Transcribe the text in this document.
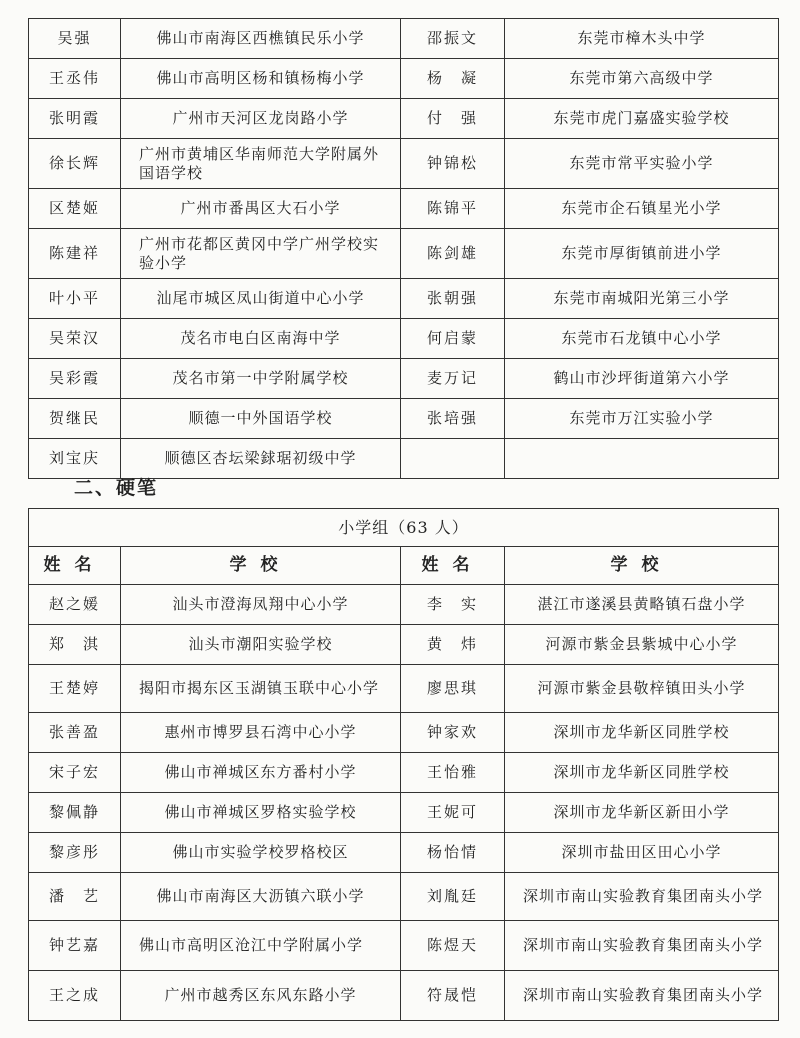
吴强	佛山市南海区西樵镇民乐小学	邵振文	东莞市樟木头中学
王丞伟	佛山市高明区杨和镇杨梅小学	杨　凝	东莞市第六高级中学
张明霞	广州市天河区龙岗路小学	付　强	东莞市虎门嘉盛实验学校
徐长辉	广州市黄埔区华南师范大学附属外国语学校	钟锦松	东莞市常平实验小学
区楚姬	广州市番禺区大石小学	陈锦平	东莞市企石镇星光小学
陈建祥	广州市花都区黄冈中学广州学校实验小学	陈剑雄	东莞市厚街镇前进小学
叶小平	汕尾市城区凤山街道中心小学	张朝强	东莞市南城阳光第三小学
吴荣汉	茂名市电白区南海中学	何启蒙	东莞市石龙镇中心小学
吴彩霞	茂名市第一中学附属学校	麦万记	鹤山市沙坪街道第六小学
贺继民	顺德一中外国语学校	张培强	东莞市万江实验小学
刘宝庆	顺德区杏坛梁銶琚初级中学		
二、硬笔
小学组（63 人）			
姓名	学校	姓名	学校
赵之媛	汕头市澄海凤翔中心小学	李　实	湛江市遂溪县黄略镇石盘小学
郑　淇	汕头市潮阳实验学校	黄　炜	河源市紫金县紫城中心小学
王楚婷	揭阳市揭东区玉湖镇玉联中心小学	廖思琪	河源市紫金县敬梓镇田头小学
张善盈	惠州市博罗县石湾中心小学	钟家欢	深圳市龙华新区同胜学校
宋子宏	佛山市禅城区东方番村小学	王怡雅	深圳市龙华新区同胜学校
黎佩静	佛山市禅城区罗格实验学校	王妮可	深圳市龙华新区新田小学
黎彦彤	佛山市实验学校罗格校区	杨怡情	深圳市盐田区田心小学
潘　艺	佛山市南海区大沥镇六联小学	刘胤廷	深圳市南山实验教育集团南头小学
钟艺嘉	佛山市高明区沧江中学附属小学	陈煜天	深圳市南山实验教育集团南头小学
王之成	广州市越秀区东风东路小学	符晟恺	深圳市南山实验教育集团南头小学
